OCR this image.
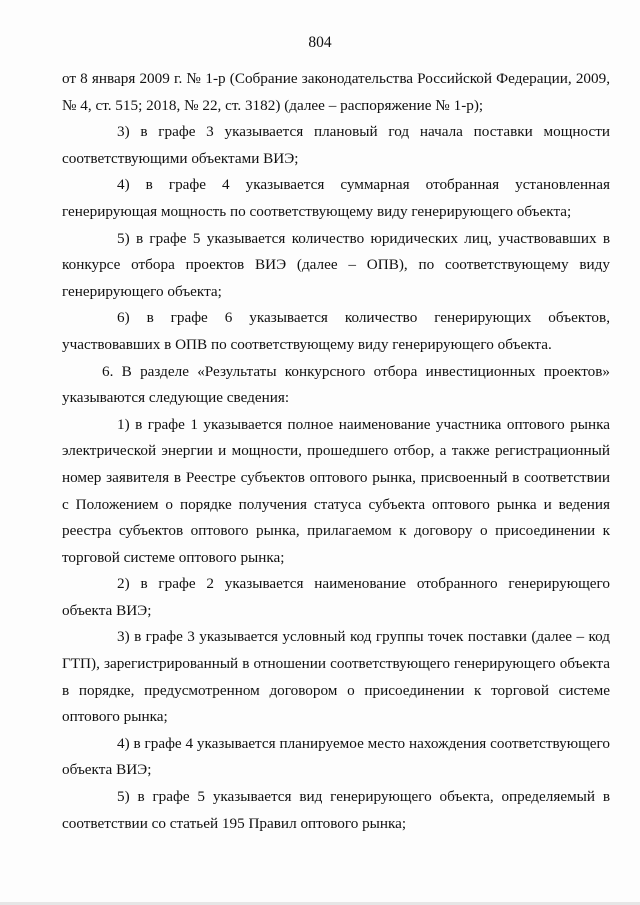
804

от 8 января 2009 г. № 1-р (Собрание законодательства Российской Федерации, 2009, № 4, ст. 515; 2018, № 22, ст. 3182) (далее – распоряжение № 1-р);

3) в графе 3 указывается плановый год начала поставки мощности соответствующими объектами ВИЭ;

4) в графе 4 указывается суммарная отобранная установленная генерирующая мощность по соответствующему виду генерирующего объекта;

5) в графе 5 указывается количество юридических лиц, участвовавших в конкурсе отбора проектов ВИЭ (далее – ОПВ), по соответствующему виду генерирующего объекта;

6) в графе 6 указывается количество генерирующих объектов, участвовавших в ОПВ по соответствующему виду генерирующего объекта.

6. В разделе «Результаты конкурсного отбора инвестиционных проектов» указываются следующие сведения:

1) в графе 1 указывается полное наименование участника оптового рынка электрической энергии и мощности, прошедшего отбор, а также регистрационный номер заявителя в Реестре субъектов оптового рынка, присвоенный в соответствии с Положением о порядке получения статуса субъекта оптового рынка и ведения реестра субъектов оптового рынка, прилагаемом к договору о присоединении к торговой системе оптового рынка;

2) в графе 2 указывается наименование отобранного генерирующего объекта ВИЭ;

3) в графе 3 указывается условный код группы точек поставки (далее – код ГТП), зарегистрированный в отношении соответствующего генерирующего объекта в порядке, предусмотренном договором о присоединении к торговой системе оптового рынка;

4) в графе 4 указывается планируемое место нахождения соответствующего объекта ВИЭ;

5) в графе 5 указывается вид генерирующего объекта, определяемый в соответствии со статьей 195 Правил оптового рынка;
